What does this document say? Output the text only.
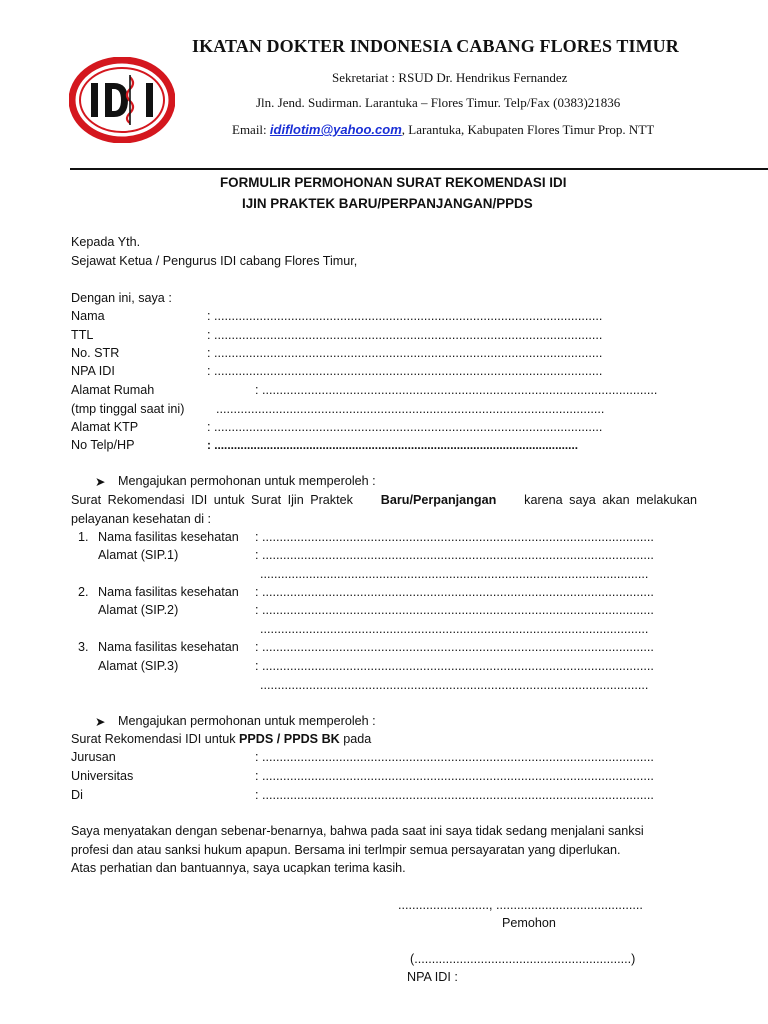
IKATAN DOKTER INDONESIA CABANG FLORES TIMUR
Sekretariat : RSUD Dr. Hendrikus Fernandez
Jln. Jend. Sudirman. Larantuka – Flores Timur. Telp/Fax (0383)21836
Email: idiflotim@yahoo.com, Larantuka, Kabupaten Flores Timur Prop. NTT
FORMULIR PERMOHONAN SURAT REKOMENDASI IDI
IJIN PRAKTEK BARU/PERPANJANGAN/PPDS
Kepada Yth.
Sejawat Ketua / Pengurus IDI cabang Flores Timur,
Dengan ini, saya :
Nama	: ...............................................................................................................
TTL	: ...............................................................................................................
No. STR	: ...............................................................................................................
NPA IDI	: ...............................................................................................................
Alamat Rumah	: .................................................................................................................
(tmp tinggal saat ini)	...............................................................................................................
Alamat KTP	: ...............................................................................................................
No Telp/HP	: ...............................................................................................................
➤ Mengajukan permohonan untuk memperoleh :
Surat Rekomendasi IDI untuk Surat Ijin Praktek Baru/Perpanjangan karena saya akan melakukan
pelayanan kesehatan di :
1. Nama fasilitas kesehatan : ................................................................................................................
Alamat (SIP.1)	: ................................................................................................................
...............................................................................................................
2. Nama fasilitas kesehatan : ................................................................................................................
Alamat (SIP.2)	: ................................................................................................................
...............................................................................................................
3. Nama fasilitas kesehatan : ................................................................................................................
Alamat (SIP.3)	: ................................................................................................................
...............................................................................................................
➤ Mengajukan permohonan untuk memperoleh :
Surat Rekomendasi IDI untuk PPDS / PPDS BK pada
Jurusan	: ................................................................................................................
Universitas	: ................................................................................................................
Di	: ................................................................................................................
Saya menyatakan dengan sebenar-benarnya, bahwa pada saat ini saya tidak sedang menjalani sanksi
profesi dan atau sanksi hukum apapun. Bersama ini terlmpir semua persayaratan yang diperlukan.
Atas perhatian dan bantuannya, saya ucapkan terima kasih.
.........................., ..........................................
Pemohon
(..............................................................)
NPA IDI :
